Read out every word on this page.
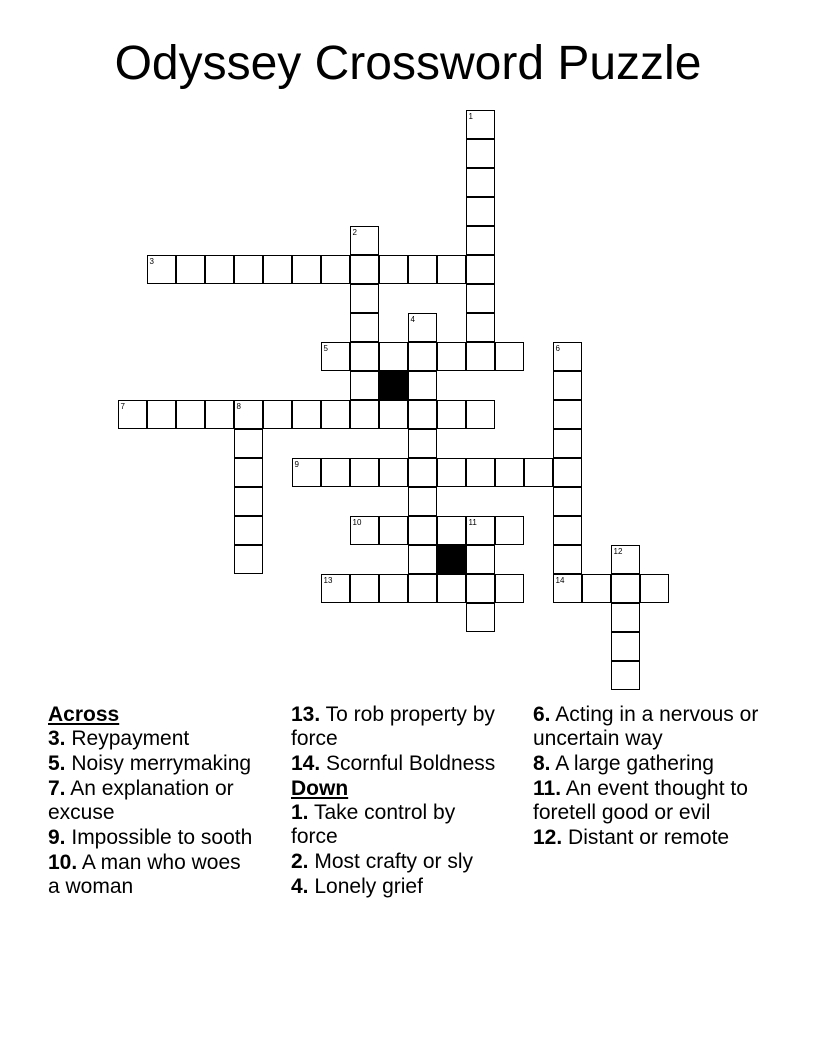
Odyssey Crossword Puzzle
1
2
3
4
5	6
14
7	8
9
10	11
12
13
Across
3. Reypayment
5. Noisy merrymaking
7. An explanation or excuse
9. Impossible to sooth
10. A man who woes a woman
13. To rob property by force
14. Scornful Boldness
Down
1. Take control by force
2. Most crafty or sly
4. Lonely grief
6. Acting in a nervous or uncertain way
8. A large gathering
11. An event thought to foretell good or evil
12. Distant or remote
